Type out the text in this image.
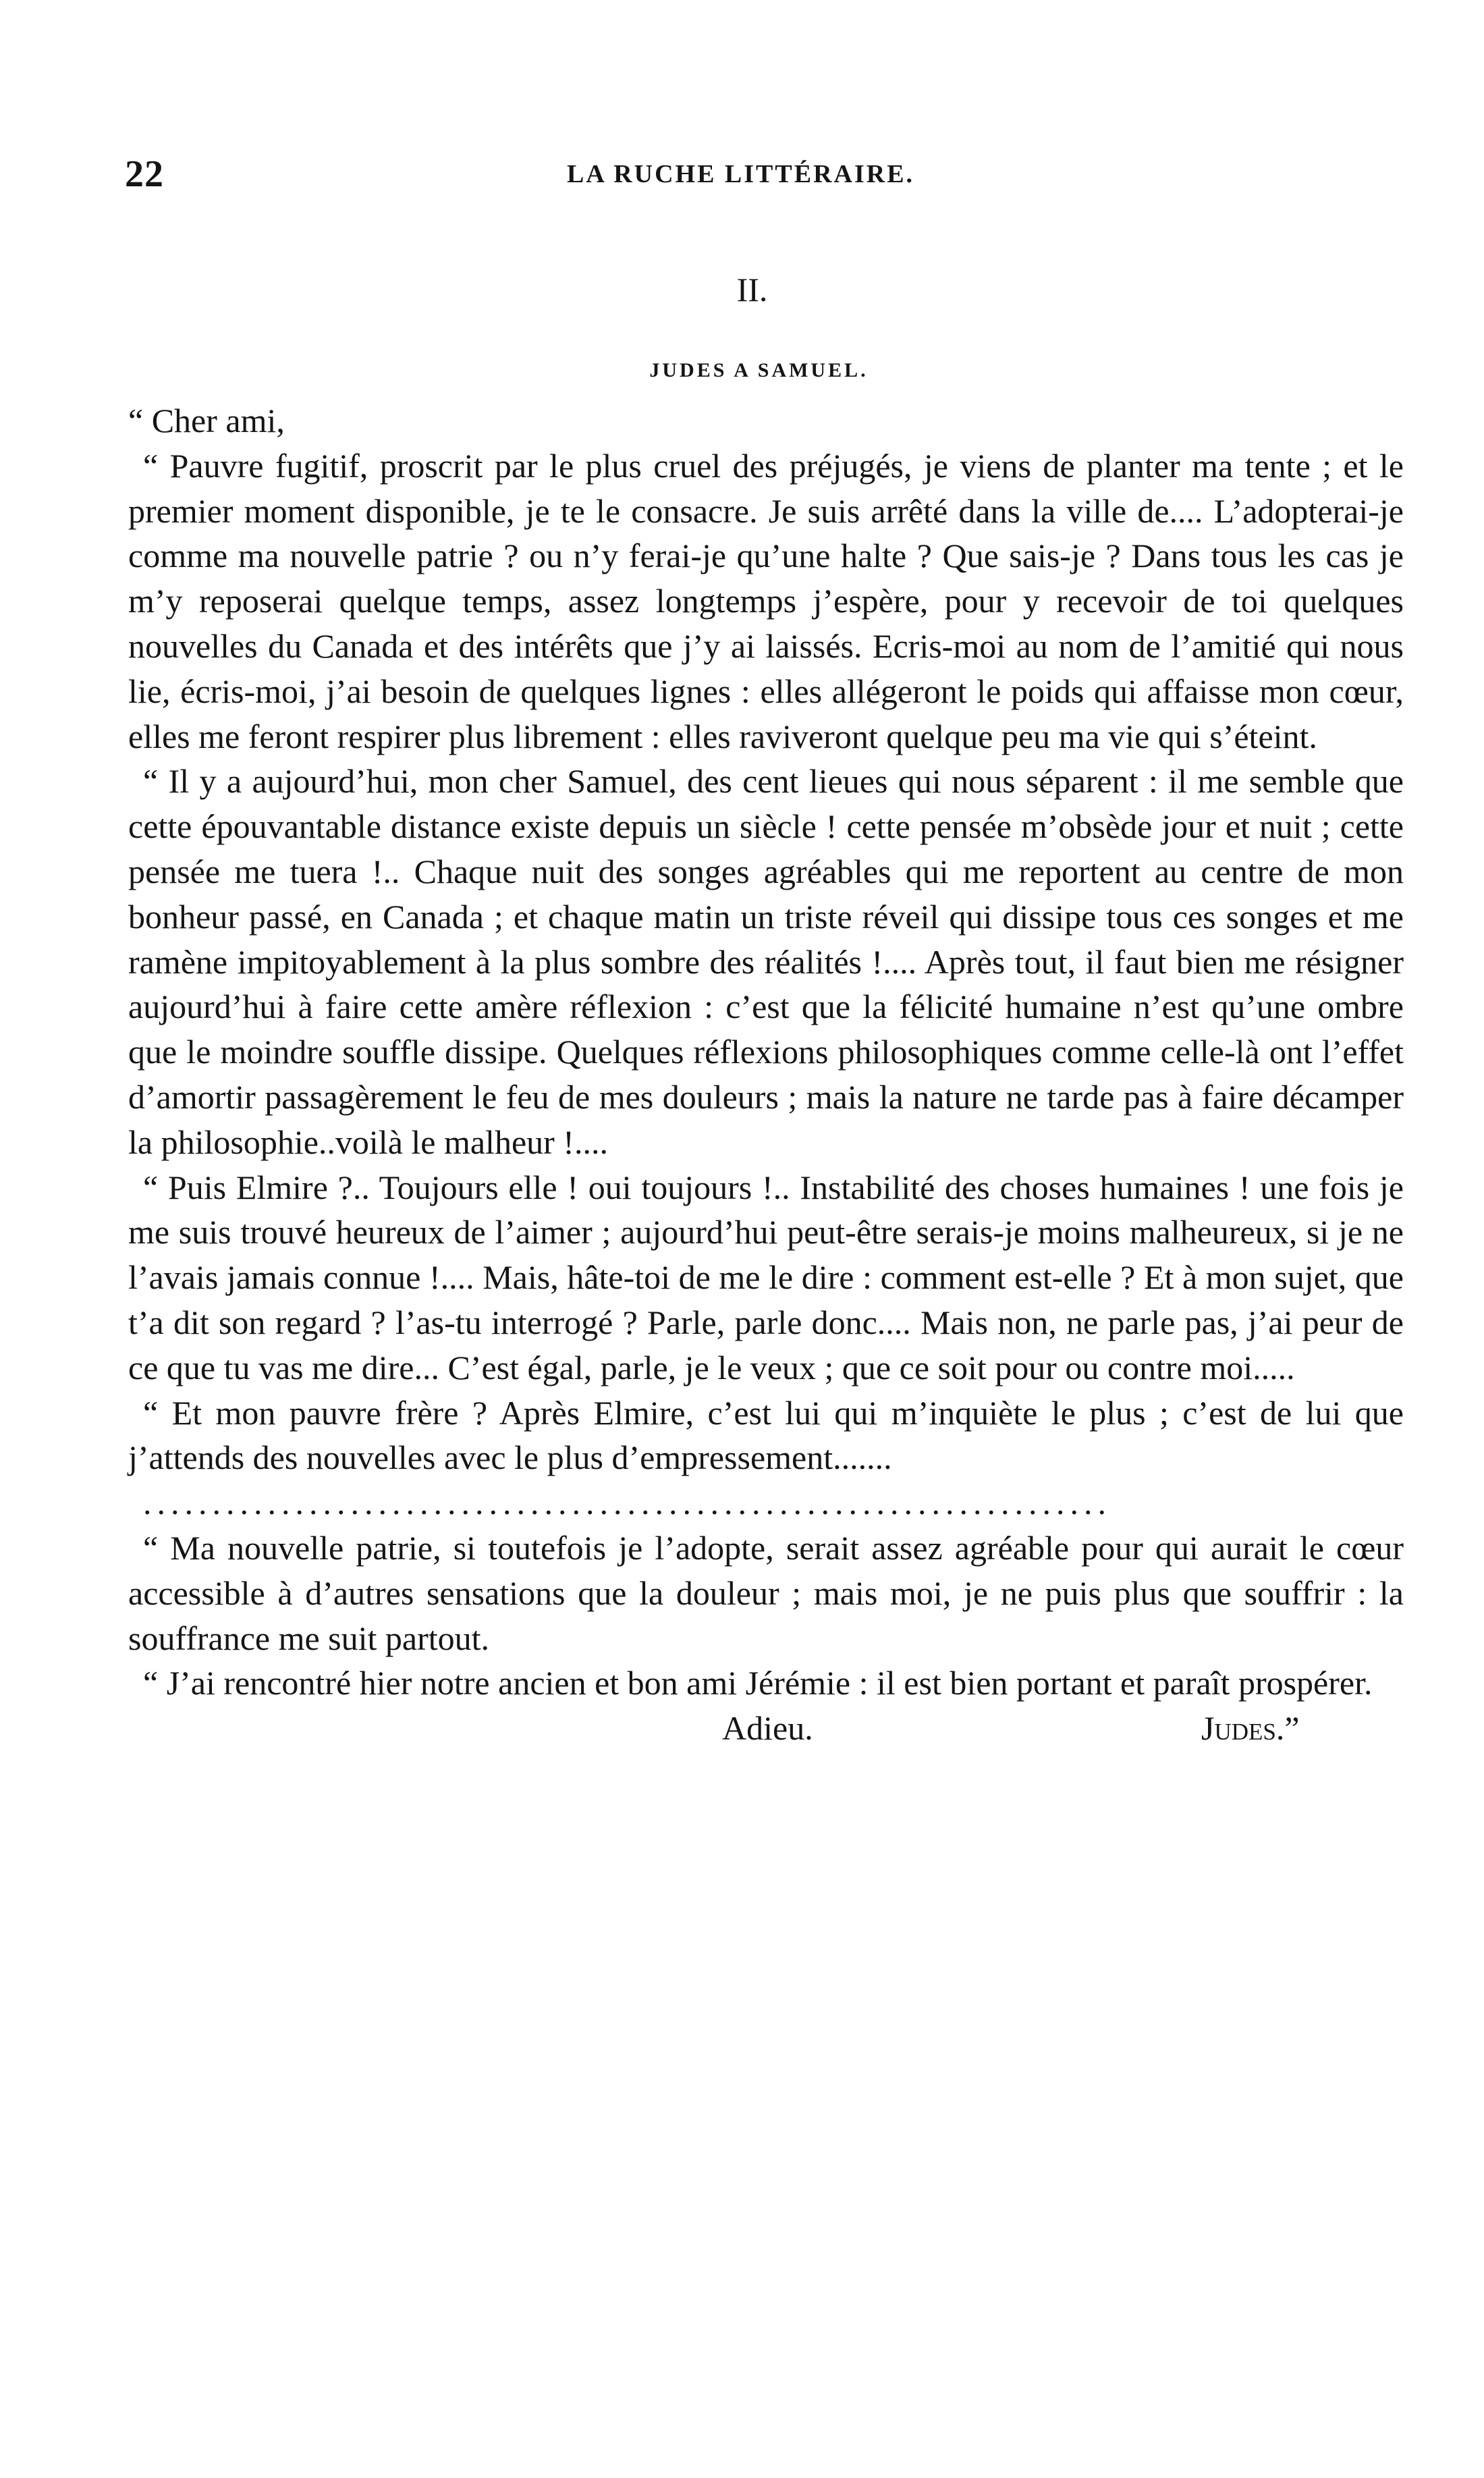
22	LA RUCHE LITTÉRAIRE.
II.
JUDES A SAMUEL.

“ Cher ami,

“ Pauvre fugitif, proscrit par le plus cruel des préjugés, je viens de planter ma tente ; et le premier moment disponible, je te le consacre. Je suis arrêté dans la ville de.... L’adopterai-je comme ma nouvelle patrie ? ou n’y ferai-je qu’une halte ? Que sais-je ? Dans tous les cas je m’y reposerai quelque temps, assez longtemps j’espère, pour y recevoir de toi quelques nouvelles du Canada et des intérêts que j’y ai laissés. Ecris-moi au nom de l’amitié qui nous lie, écris-moi, j’ai besoin de quelques lignes : elles allégeront le poids qui affaisse mon cœur, elles me feront respirer plus librement : elles raviveront quelque peu ma vie qui s’éteint.

“ Il y a aujourd’hui, mon cher Samuel, des cent lieues qui nous séparent : il me semble que cette épouvantable distance existe depuis un siècle ! cette pensée m’obsède jour et nuit ; cette pensée me tuera !.. Chaque nuit des songes agréables qui me reportent au centre de mon bonheur passé, en Canada ; et chaque matin un triste réveil qui dissipe tous ces songes et me ramène impitoyablement à la plus sombre des réalités !.... Après tout, il faut bien me résigner aujourd’hui à faire cette amère réflexion : c’est que la félicité humaine n’est qu’une ombre que le moindre souffle dissipe. Quelques réflexions philosophiques comme celle-là ont l’effet d’amortir passagèrement le feu de mes douleurs ; mais la nature ne tarde pas à faire décamper la philosophie..voilà le malheur !....

“ Puis Elmire ?.. Toujours elle ! oui toujours !.. Instabilité des choses humaines ! une fois je me suis trouvé heureux de l’aimer ; aujourd’hui peut-être serais-je moins malheureux, si je ne l’avais jamais connue !.... Mais, hâte-toi de me le dire : comment est-elle ? Et à mon sujet, que t’a dit son regard ? l’as-tu interrogé ? Parle, parle donc.... Mais non, ne parle pas, j’ai peur de ce que tu vas me dire... C’est égal, parle, je le veux ; que ce soit pour ou contre moi.....

“ Et mon pauvre frère ? Après Elmire, c’est lui qui m’inquiète le plus ; c’est de lui que j’attends des nouvelles avec le plus d’empressement.......

......................................................................

“ Ma nouvelle patrie, si toutefois je l’adopte, serait assez agréable pour qui aurait le cœur accessible à d’autres sensations que la douleur ; mais moi, je ne puis plus que souffrir : la souffrance me suit partout.

“ J’ai rencontré hier notre ancien et bon ami Jérémie : il est bien portant et paraît prospérer.

Adieu.	Judes.”
